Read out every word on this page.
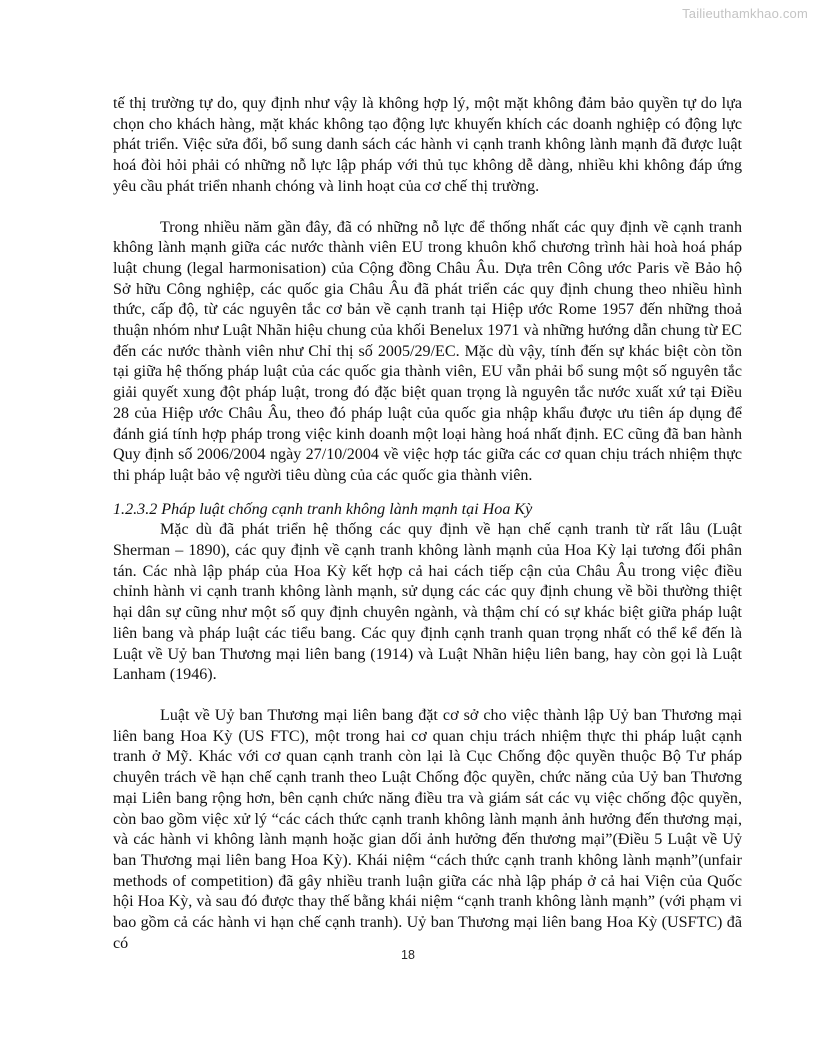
Tailieuthamkhao.com

tế thị trường tự do, quy định như vậy là không hợp lý, một mặt không đảm bảo quyền tự do lựa chọn cho khách hàng, mặt khác không tạo động lực khuyến khích các doanh nghiệp có động lực phát triển. Việc sửa đổi, bổ sung danh sách các hành vi cạnh tranh không lành mạnh đã được luật hoá đòi hỏi phải có những nỗ lực lập pháp với thủ tục không dễ dàng, nhiều khi không đáp ứng yêu cầu phát triển nhanh chóng và linh hoạt của cơ chế thị trường.

Trong nhiều năm gần đây, đã có những nỗ lực để thống nhất các quy định về cạnh tranh không lành mạnh giữa các nước thành viên EU trong khuôn khổ chương trình hài hoà hoá pháp luật chung (legal harmonisation) của Cộng đồng Châu Âu. Dựa trên Công ước Paris về Bảo hộ Sở hữu Công nghiệp, các quốc gia Châu Âu đã phát triển các quy định chung theo nhiều hình thức, cấp độ, từ các nguyên tắc cơ bản về cạnh tranh tại Hiệp ước Rome 1957 đến những thoả thuận nhóm như Luật Nhãn hiệu chung của khối Benelux 1971 và những hướng dẫn chung từ EC đến các nước thành viên như Chỉ thị số 2005/29/EC. Mặc dù vậy, tính đến sự khác biệt còn tồn tại giữa hệ thống pháp luật của các quốc gia thành viên, EU vẫn phải bổ sung một số nguyên tắc giải quyết xung đột pháp luật, trong đó đặc biệt quan trọng là nguyên tắc nước xuất xứ tại Điều 28 của Hiệp ước Châu Âu, theo đó pháp luật của quốc gia nhập khẩu được ưu tiên áp dụng để đánh giá tính hợp pháp trong việc kinh doanh một loại hàng hoá nhất định. EC cũng đã ban hành Quy định số 2006/2004 ngày 27/10/2004 về việc hợp tác giữa các cơ quan chịu trách nhiệm thực thi pháp luật bảo vệ người tiêu dùng của các quốc gia thành viên.

1.2.3.2 Pháp luật chống cạnh tranh không lành mạnh tại Hoa Kỳ

Mặc dù đã phát triển hệ thống các quy định về hạn chế cạnh tranh từ rất lâu (Luật Sherman – 1890), các quy định về cạnh tranh không lành mạnh của Hoa Kỳ lại tương đối phân tán. Các nhà lập pháp của Hoa Kỳ kết hợp cả hai cách tiếp cận của Châu Âu trong việc điều chỉnh hành vi cạnh tranh không lành mạnh, sử dụng các các quy định chung về bồi thường thiệt hại dân sự cũng như một số quy định chuyên ngành, và thậm chí có sự khác biệt giữa pháp luật liên bang và pháp luật các tiểu bang. Các quy định cạnh tranh quan trọng nhất có thể kể đến là Luật về Uỷ ban Thương mại liên bang (1914) và Luật Nhãn hiệu liên bang, hay còn gọi là Luật Lanham (1946).

Luật về Uỷ ban Thương mại liên bang đặt cơ sở cho việc thành lập Uỷ ban Thương mại liên bang Hoa Kỳ (US FTC), một trong hai cơ quan chịu trách nhiệm thực thi pháp luật cạnh tranh ở Mỹ. Khác với cơ quan cạnh tranh còn lại là Cục Chống độc quyền thuộc Bộ Tư pháp chuyên trách về hạn chế cạnh tranh theo Luật Chống độc quyền, chức năng của Uỷ ban Thương mại Liên bang rộng hơn, bên cạnh chức năng điều tra và giám sát các vụ việc chống độc quyền, còn bao gồm việc xử lý “các cách thức cạnh tranh không lành mạnh ảnh hưởng đến thương mại, và các hành vi không lành mạnh hoặc gian dối ảnh hưởng đến thương mại”(Điều 5 Luật về Uỷ ban Thương mại liên bang Hoa Kỳ). Khái niệm “cách thức cạnh tranh không lành mạnh”(unfair methods of competition) đã gây nhiều tranh luận giữa các nhà lập pháp ở cả hai Viện của Quốc hội Hoa Kỳ, và sau đó được thay thế bằng khái niệm “cạnh tranh không lành mạnh” (với phạm vi bao gồm cả các hành vi hạn chế cạnh tranh). Uỷ ban Thương mại liên bang Hoa Kỳ (USFTC) đã có

18
